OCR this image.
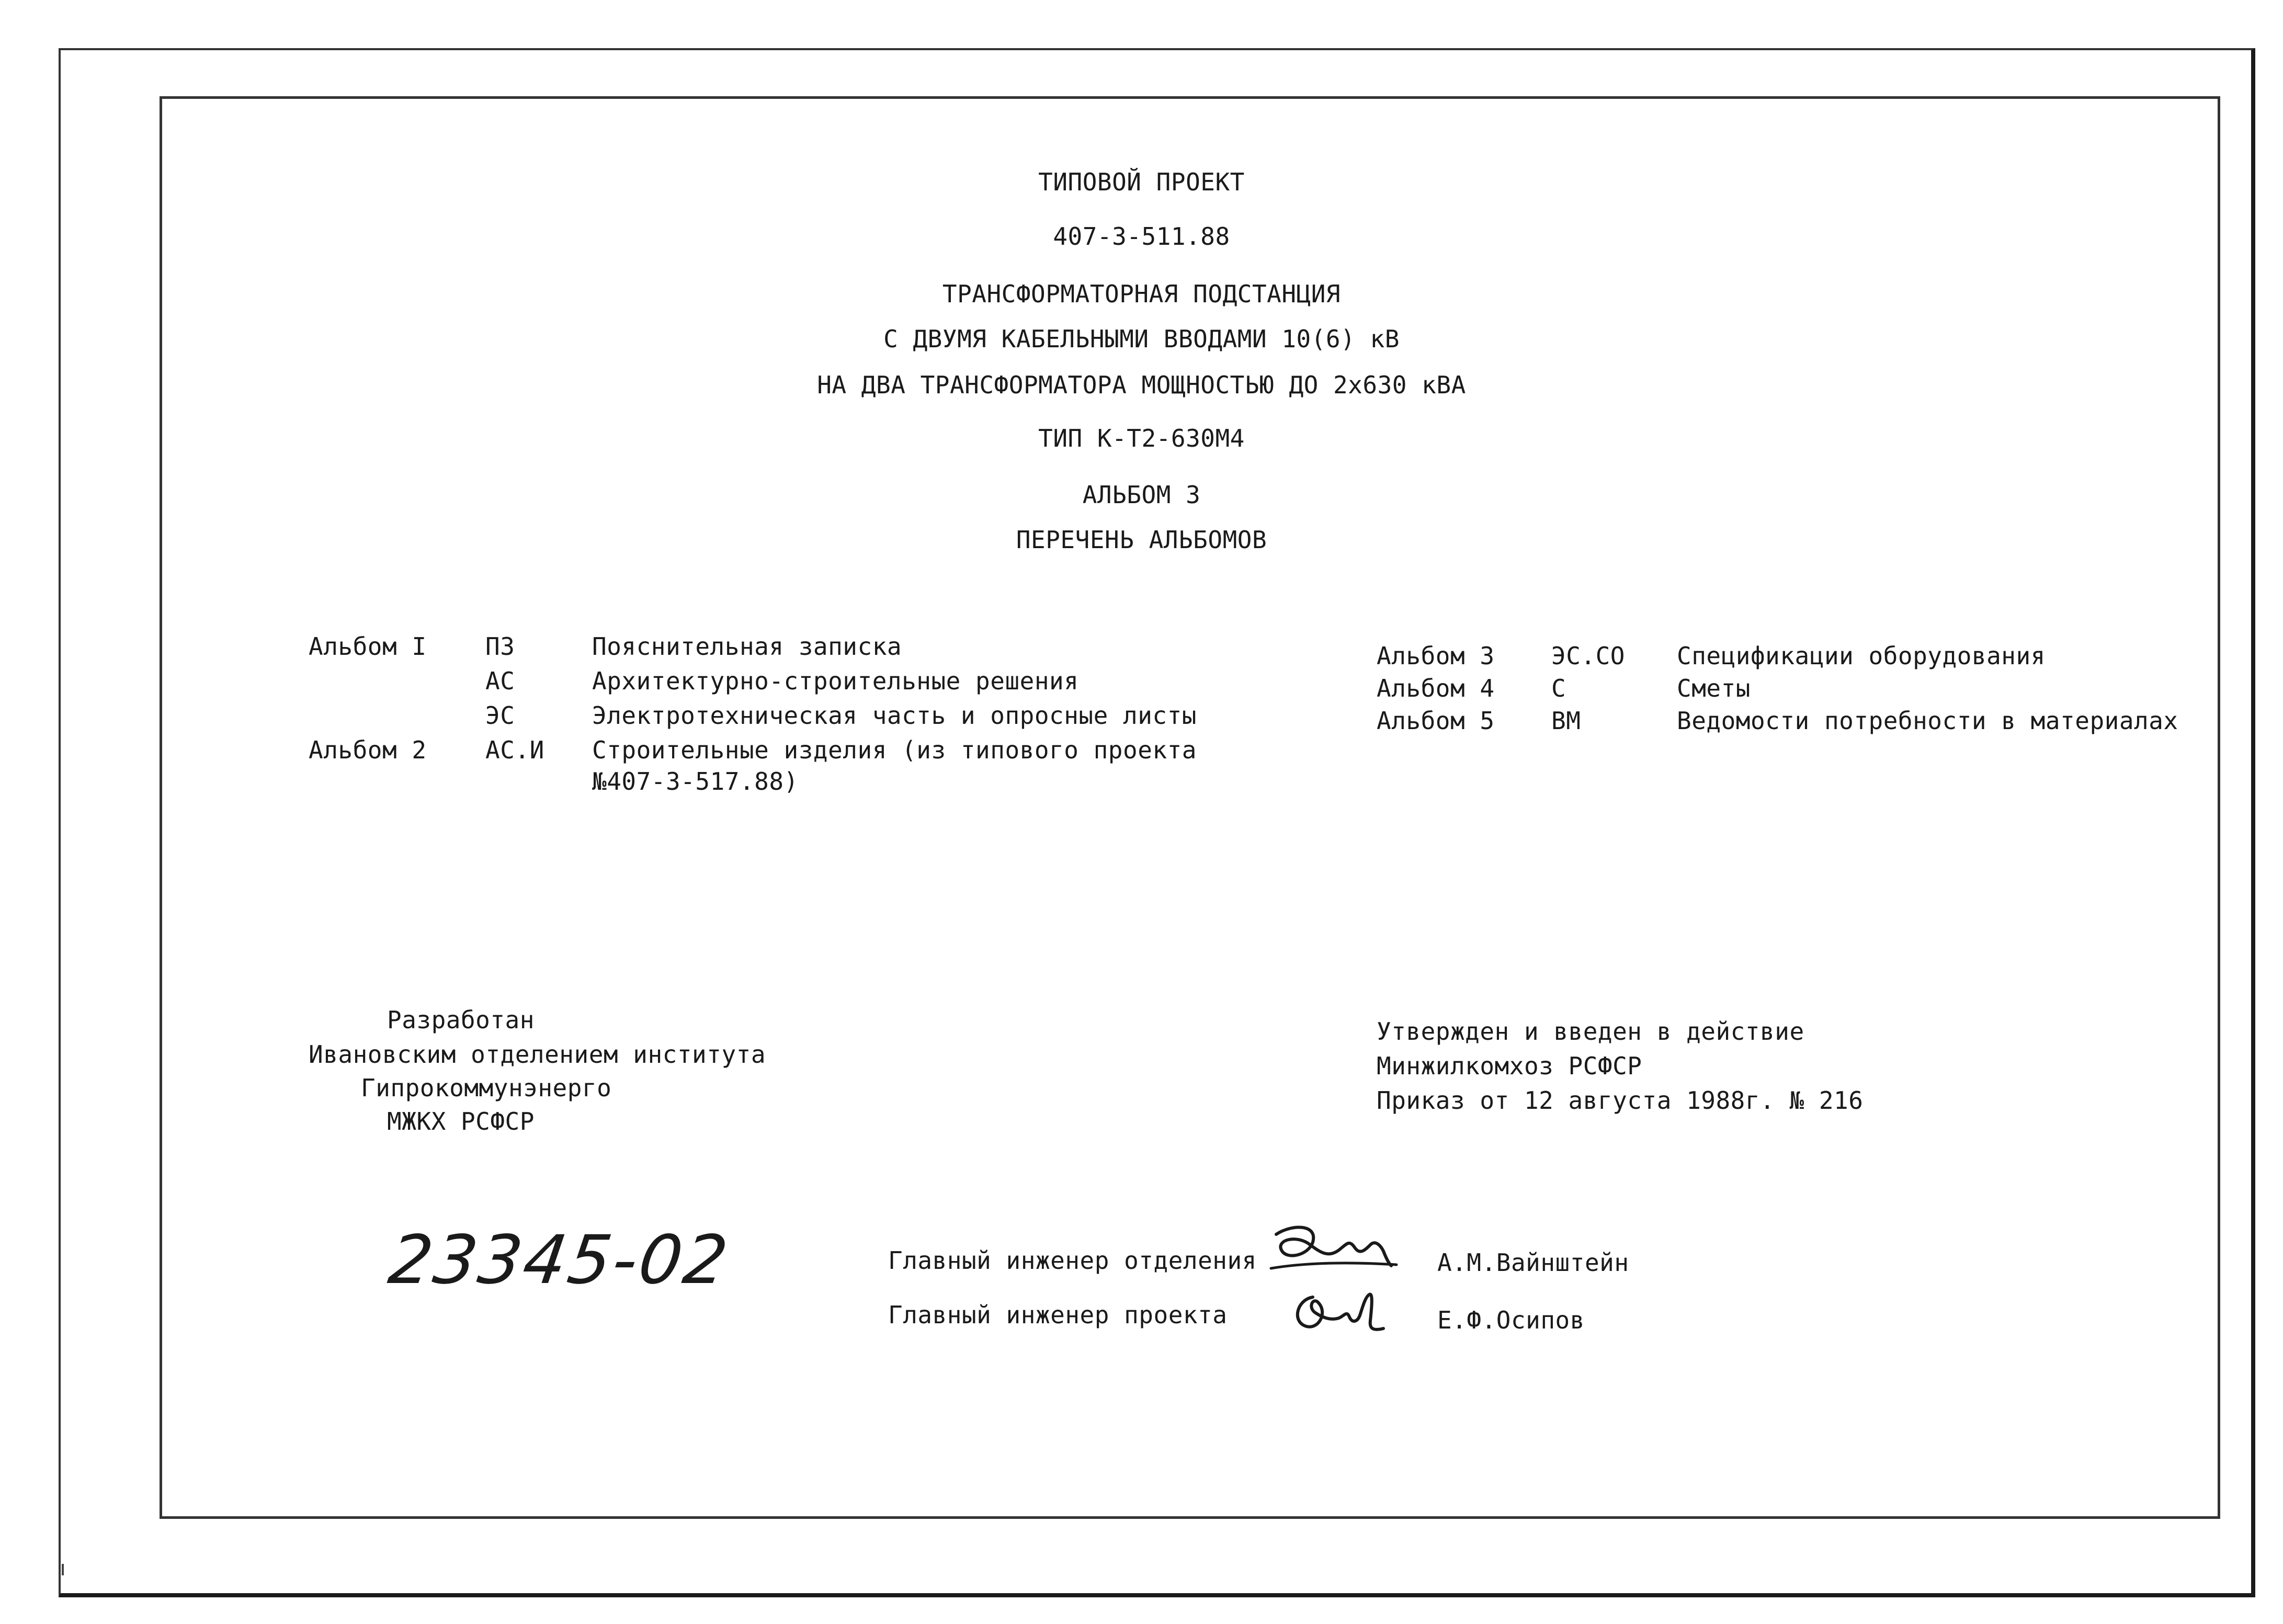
ТИПОВОЙ ПРОЕКТ
407-3-511.88
ТРАНСФОРМАТОРНАЯ ПОДСТАНЦИЯ
С ДВУМЯ КАБЕЛЬНЫМИ ВВОДАМИ 10(6) кВ
НА ДВА ТРАНСФОРМАТОРА МОЩНОСТЬЮ ДО 2х630 кВА
ТИП К-Т2-630М4
АЛЬБОМ 3
ПЕРЕЧЕНЬ АЛЬБОМОВ
Альбом I ПЗ	Пояснительная записка
АС	Архитектурно-строительные решения
ЭС	Электротехническая часть и опросные листы
Альбом 2 АС.И Строительные изделия (из типового проекта
№407-3-517.88)
Альбом 3 ЭС.СО Спецификации оборудования
Альбом 4 С	Сметы
Альбом 5 ВМ	Ведомости потребности в материалах
Разработан
Ивановским отделением института
Гипрокоммунэнерго
МЖКХ РСФСР
Утвержден и введен в действие
Минжилкомхоз РСФСР
Приказ от 12 августа 1988г. № 216
23345-02	Главный инженер отделения	А.М.Вайнштейн
Главный инженер проекта	Е.Ф.Осипов
